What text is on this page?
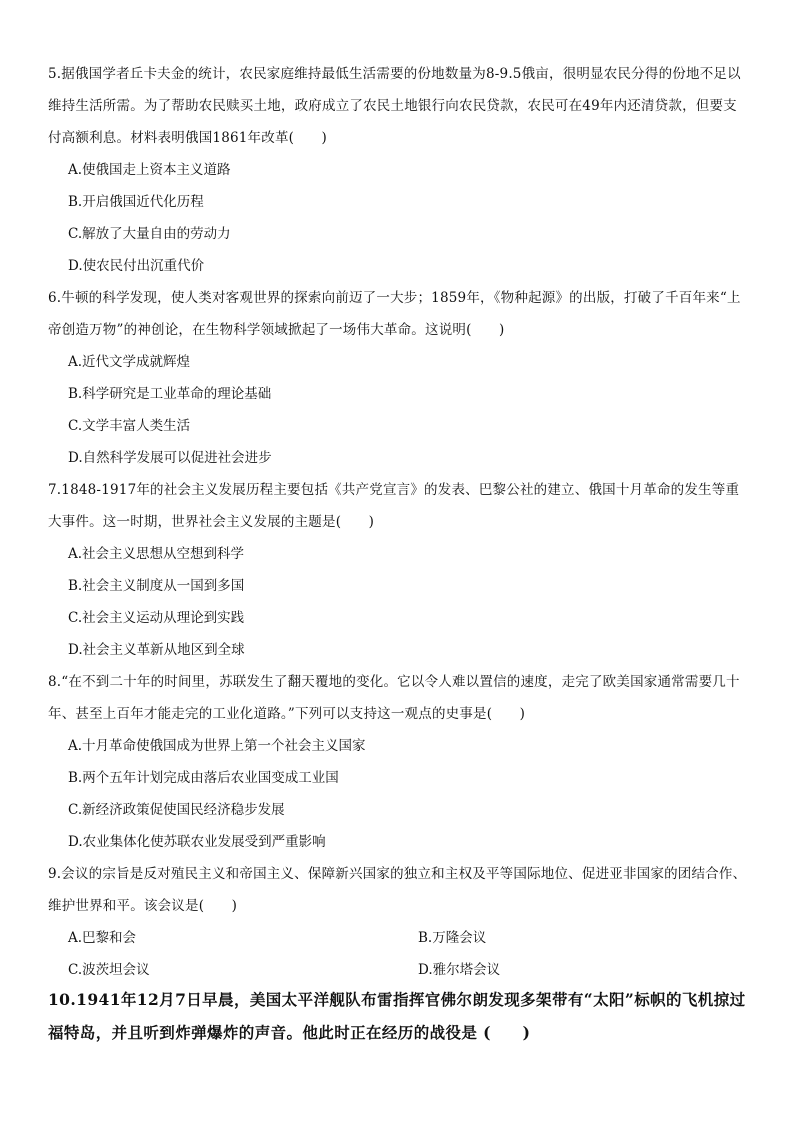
5.据俄国学者丘卡夫金的统计，农民家庭维持最低生活需要的份地数量为8-9.5俄亩，很明显农民分得的份地不足以维持生活所需。为了帮助农民赎买土地，政府成立了农民土地银行向农民贷款，农民可在49年内还清贷款，但要支付高额利息。材料表明俄国1861年改革(　　)

A.使俄国走上资本主义道路

B.开启俄国近代化历程

C.解放了大量自由的劳动力

D.使农民付出沉重代价

6.牛顿的科学发现，使人类对客观世界的探索向前迈了一大步；1859年，《物种起源》的出版，打破了千百年来“上帝创造万物”的神创论，在生物科学领域掀起了一场伟大革命。这说明(　　)

A.近代文学成就辉煌

B.科学研究是工业革命的理论基础

C.文学丰富人类生活

D.自然科学发展可以促进社会进步

7.1848-1917年的社会主义发展历程主要包括《共产党宣言》的发表、巴黎公社的建立、俄国十月革命的发生等重大事件。这一时期，世界社会主义发展的主题是(　　)

A.社会主义思想从空想到科学

B.社会主义制度从一国到多国

C.社会主义运动从理论到实践

D.社会主义革新从地区到全球

8.“在不到二十年的时间里，苏联发生了翻天覆地的变化。它以令人难以置信的速度，走完了欧美国家通常需要几十年、甚至上百年才能走完的工业化道路。”下列可以支持这一观点的史事是(　　)

A.十月革命使俄国成为世界上第一个社会主义国家

B.两个五年计划完成由落后农业国变成工业国

C.新经济政策促使国民经济稳步发展

D.农业集体化使苏联农业发展受到严重影响

9.会议的宗旨是反对殖民主义和帝国主义、保障新兴国家的独立和主权及平等国际地位、促进亚非国家的团结合作、维护世界和平。该会议是(　　)

A.巴黎和会	B.万隆会议

C.波茨坦会议	D.雅尔塔会议

10.1941年12月7日早晨，美国太平洋舰队布雷指挥官佛尔朗发现多架带有“太阳”标帜的飞机掠过福特岛，并且听到炸弹爆炸的声音。他此时正在经历的战役是 (　　)
